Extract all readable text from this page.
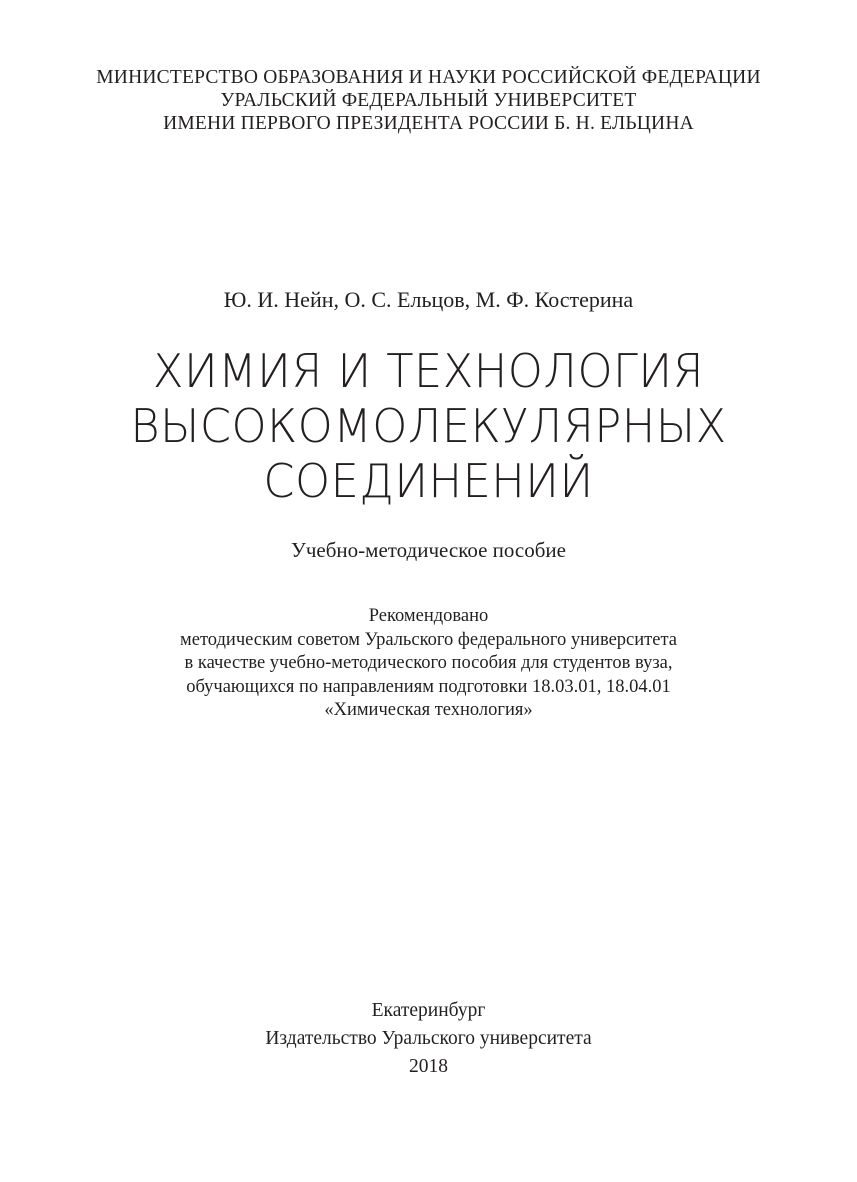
МИНИСТЕРСТВО ОБРАЗОВАНИЯ И НАУКИ РОССИЙСКОЙ ФЕДЕРАЦИИ
УРАЛЬСКИЙ ФЕДЕРАЛЬНЫЙ УНИВЕРСИТЕТ
ИМЕНИ ПЕРВОГО ПРЕЗИДЕНТА РОССИИ Б. Н. ЕЛЬЦИНА
Ю. И. Нейн, О. С. Ельцов, М. Ф. Костерина
ХИМИЯ И ТЕХНОЛОГИЯ
ВЫСОКОМОЛЕКУЛЯРНЫХ
СОЕДИНЕНИЙ
Учебно-методическое пособие
Рекомендовано
методическим советом Уральского федерального университета
в качестве учебно-методического пособия для студентов вуза,
обучающихся по направлениям подготовки 18.03.01, 18.04.01
«Химическая технология»
Екатеринбург
Издательство Уральского университета
2018
